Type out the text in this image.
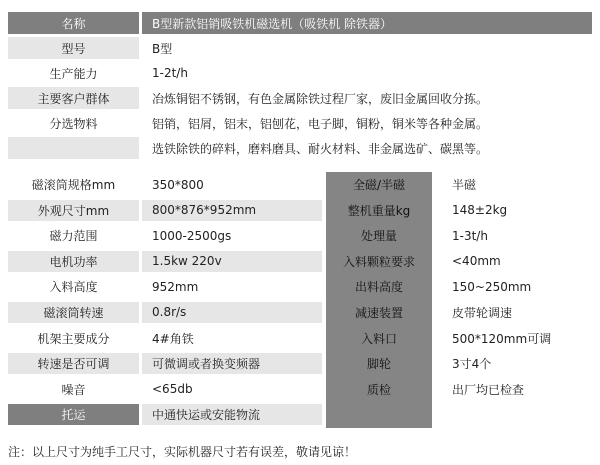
名称	B型新款铝销吸铁机磁选机（吸铁机 除铁器）
型号	B型
生产能力	1-2t/h
主要客户群体	冶炼铜铝不锈钢，有色金属除铁过程厂家，废旧金属回收分拣。
分选物料	铝销，铝屑，铝末，铝刨花，电子脚，铜粉，铜米等各种金属。
选铁除铁的碎料，磨料磨具、耐火材料、非金属选矿、碳黑等。
磁滚筒规格mm	350*800	全磁/半磁	半磁
外观尺寸mm	800*876*952mm	整机重量kg	148±2kg
磁力范围	1000-2500gs	处理量	1-3t/h
电机功率	1.5kw 220v	入料颗粒要求	<40mm
入料高度	952mm	出料高度	150~250mm
磁滚筒转速	0.8r/s	减速装置	皮带轮调速
机架主要成分	4#角铁	入料口	500*120mm可调
转速是否可调	可微调或者换变频器	脚轮	3寸4个
噪音	<65db	质检	出厂均已检查
托运	中通快运或安能物流
注：以上尺寸为纯手工尺寸，实际机器尺寸若有误差，敬请见谅！
